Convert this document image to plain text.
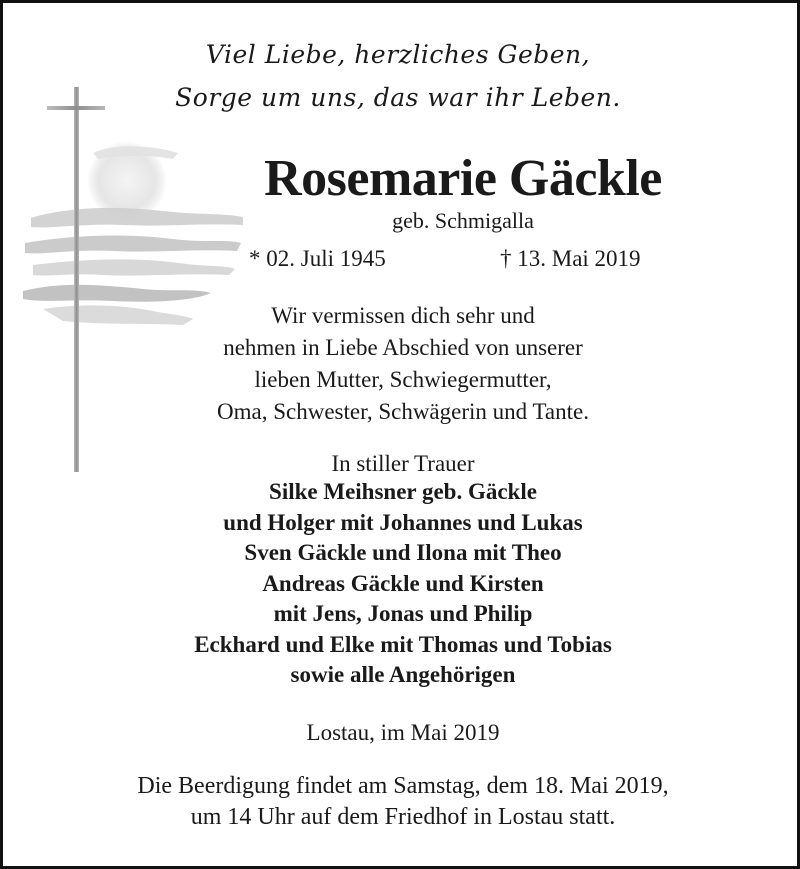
Viel Liebe, herzliches Geben,
Sorge um uns, das war ihr Leben.
Rosemarie Gäckle
geb. Schmigalla
* 02. Juli 1945	† 13. Mai 2019
Wir vermissen dich sehr und
nehmen in Liebe Abschied von unserer
lieben Mutter, Schwiegermutter,
Oma, Schwester, Schwägerin und Tante.
In stiller Trauer
Silke Meihsner geb. Gäckle
und Holger mit Johannes und Lukas
Sven Gäckle und Ilona mit Theo
Andreas Gäckle und Kirsten
mit Jens, Jonas und Philip
Eckhard und Elke mit Thomas und Tobias
sowie alle Angehörigen
Lostau, im Mai 2019
Die Beerdigung findet am Samstag, dem 18. Mai 2019,
um 14 Uhr auf dem Friedhof in Lostau statt.
